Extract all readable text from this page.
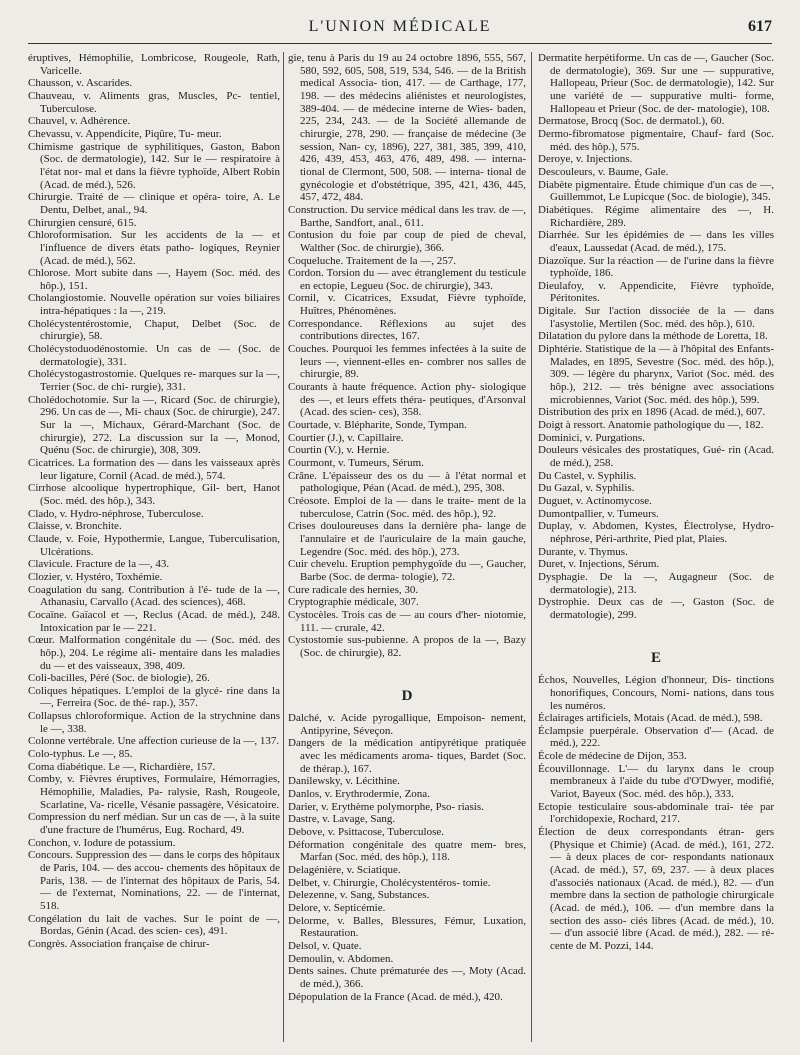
L'UNION MÉDICALE	617

éruptives, Hémophilie, Lombricose, Rougeole, Rath, Varicelle.

Chausson, v. Ascarides.

Chauveau, v. Aliments gras, Muscles, Pc- tentiel, Tuberculose.

Chauvel, v. Adhérence.

Chevassu, v. Appendicite, Piqûre, Tu- meur.

Chimisme gastrique de syphilitiques, Gaston, Babon (Soc. de dermatologie), 142. Sur le — respiratoire à l'état nor- mal et dans la fièvre typhoïde, Albert Robin (Acad. de méd.), 526.

Chirurgie. Traité de — clinique et opéra- toire, A. Le Dentu, Delbet, anal., 94.

Chirurgien censuré, 615.

Chloroformisation. Sur les accidents de la — et l'influence de divers états patho- logiques, Reynier (Acad. de méd.), 562.

Chlorose. Mort subite dans —, Hayem (Soc. méd. des hôp.), 151.

Cholangiostomie. Nouvelle opération sur voies biliaires intra-hépatiques : la —, 219.

Cholécystentérostomie, Chaput, Delbet (Soc. de chirurgie), 58.

Cholécystoduodénostomie. Un cas de — (Soc. de dermatologie), 331.

Cholécystogastrostomie. Quelques re- marques sur la —, Terrier (Soc. de chi- rurgie), 331.

Cholédochotomie. Sur la —, Ricard (Soc. de chirurgie), 296. Un cas de —, Mi- chaux (Soc. de chirurgie), 247. Sur la —, Michaux, Gérard-Marchant (Soc. de chirurgie), 272. La discussion sur la —, Monod, Quénu (Soc. de chirurgie), 308, 309.

Cicatrices. La formation des — dans les vaisseaux après leur ligature, Cornil (Acad. de méd.), 574.

Cirrhose alcoolique hypertrophique, Gil- bert, Hanot (Soc. méd. des hôp.), 343.

Clado, v. Hydro-néphrose, Tuberculose.

Claisse, v. Bronchite.

Claude, v. Foie, Hypothermie, Langue, Tuberculisation, Ulcérations.

Clavicule. Fracture de la —, 43.

Clozier, v. Hystéro, Toxhémie.

Coagulation du sang. Contribution à l'é- tude de la —, Athanasiu, Carvallo (Acad. des sciences), 468.

Cocaïne. Gaïacol et —, Reclus (Acad. de méd.), 248. Intoxication par le — 221.

Cœur. Malformation congénitale du — (Soc. méd. des hôp.), 204. Le régime ali- mentaire dans les maladies du — et des vaisseaux, 398, 409.

Coli-bacilles, Péré (Soc. de biologie), 26.

Coliques hépatiques. L'emploi de la glycé- rine dans la —, Ferreira (Soc. de thé- rap.), 357.

Collapsus chloroformique. Action de la strychnine dans le —, 338.

Colonne vertébrale. Une affection curieuse de la —, 137.

Colo-typhus. Le —, 85.

Coma diabétique. Le —, Richardière, 157.

Comby, v. Fièvres éruptives, Formulaire, Hémorragies, Hémophilie, Maladies, Pa- ralysie, Rash, Rougeole, Scarlatine, Va- ricelle, Vésanie passagère, Vésicatoire.

Compression du nerf médian. Sur un cas de —, à la suite d'une fracture de l'humérus, Eug. Rochard, 49.

Conchon, v. Iodure de potassium.

Concours. Suppression des — dans le corps des hôpitaux de Paris, 104. — des accou- chements des hôpitaux de Paris, 138. — de l'internat des hôpitaux de Paris, 54. — de l'externat, Nominations, 22. — de l'internat, 518.

Congélation du lait de vaches. Sur le point de —, Bordas, Génin (Acad. des scien- ces), 491.

Congrès. Association française de chirur-

gie, tenu à Paris du 19 au 24 octobre 1896, 555, 567, 580, 592, 605, 508, 519, 534, 546. — de la British medical Associa- tion, 417. — de Carthage, 177, 198. — des médecins aliénistes et neurologistes, 389-404. — de médecine interne de Wies- baden, 225, 234, 243. — de la Société allemande de chirurgie, 278, 290. — française de médecine (3e session, Nan- cy, 1896), 227, 381, 385, 399, 410, 426, 439, 453, 463, 476, 489, 498. — interna- tional de Clermont, 500, 508. — interna- tional de gynécologie et d'obstétrique, 395, 421, 436, 445, 457, 472, 484.

Construction. Du service médical dans les trav. de —, Barthe, Sandfort, anal., 611.

Contusion du foie par coup de pied de cheval, Walther (Soc. de chirurgie), 366.

Coqueluche. Traitement de la —, 257.

Cordon. Torsion du — avec étranglement du testicule en ectopie, Legueu (Soc. de chirurgie), 343.

Cornil, v. Cicatrices, Exsudat, Fièvre typhoïde, Huîtres, Phénomènes.

Correspondance. Réflexions au sujet des contributions directes, 167.

Couches. Pourquoi les femmes infectées à la suite de leurs —, viennent-elles en- combrer nos salles de chirurgie, 89.

Courants à haute fréquence. Action phy- siologique des —, et leurs effets théra- peutiques, d'Arsonval (Acad. des scien- ces), 358.

Courtade, v. Blépharite, Sonde, Tympan.

Courtier (J.), v. Capillaire.

Courtin (V.), v. Hernie.

Courmont, v. Tumeurs, Sérum.

Crâne. L'épaisseur des os du — à l'état normal et pathologique, Péan (Acad. de méd.), 295, 308.

Créosote. Emploi de la — dans le traite- ment de la tuberculose, Catrin (Soc. méd. des hôp.), 92.

Crises douloureuses dans la dernière pha- lange de l'annulaire et de l'auriculaire de la main gauche, Legendre (Soc. méd. des hôp.), 273.

Cuir chevelu. Eruption pemphygoïde du —, Gaucher, Barbe (Soc. de derma- tologie), 72.

Cure radicale des hernies, 30.

Cryptographie médicale, 307.

Cystocèles. Trois cas de — au cours d'her- niotomie, 111. — crurale, 42.

Cystostomie sus-pubienne. A propos de la —, Bazy (Soc. de chirurgie), 82.

D

Dalché, v. Acide pyrogallique, Empoison- nement, Antipyrine, Séveçon.

Dangers de la médication antipyrétique pratiquée avec les médicaments aroma- tiques, Bardet (Soc. de thérap.), 167.

Danilewsky, v. Lécithine.

Danlos, v. Erythrodermie, Zona.

Darier, v. Erythème polymorphe, Pso- riasis.

Dastre, v. Lavage, Sang.

Debove, v. Psittacose, Tuberculose.

Déformation congénitale des quatre mem- bres, Marfan (Soc. méd. des hôp.), 118.

Delagénière, v. Sciatique.

Delbet, v. Chirurgie, Cholécystentéros- tomie.

Delezenne, v. Sang, Substances.

Delore, v. Septicémie.

Delorme, v. Balles, Blessures, Fémur, Luxation, Restauration.

Delsol, v. Quate.

Demoulin, v. Abdomen.

Dents saines. Chute prématurée des —, Moty (Acad. de méd.), 366.

Dépopulation de la France (Acad. de méd.), 420.

Dermatite herpétiforme. Un cas de —, Gaucher (Soc. de dermatologie), 369. Sur une — suppurative, Hallopeau, Prieur (Soc. de dermatologie), 142. Sur une variété de — suppurative multi- forme, Hallopeau et Prieur (Soc. de der- matologie), 108.

Dermatose, Brocq (Soc. de dermatol.), 60.

Dermo-fibromatose pigmentaire, Chauf- fard (Soc. méd. des hôp.), 575.

Deroye, v. Injections.

Descouleurs, v. Baume, Gale.

Diabète pigmentaire. Étude chimique d'un cas de —, Guillemmot, Le Lupicque (Soc. de biologie), 345.

Diabétiques. Régime alimentaire des —, H. Richardière, 289.

Diarrhée. Sur les épidémies de — dans les villes d'eaux, Laussedat (Acad. de méd.), 175.

Diazoïque. Sur la réaction — de l'urine dans la fièvre typhoïde, 186.

Dieulafoy, v. Appendicite, Fièvre typhoïde, Péritonites.

Digitale. Sur l'action dissociée de la — dans l'asystolie, Mertilen (Soc. méd. des hôp.), 610.

Dilatation du pylore dans la méthode de Loretta, 18.

Diphtérie. Statistique de la — à l'hôpital des Enfants-Malades, en 1895, Sevestre (Soc. méd. des hôp.), 309. — légère du pharynx, Variot (Soc. méd. des hôp.), 212. — très bénigne avec associations microbiennes, Variot (Soc. méd. des hôp.), 599.

Distribution des prix en 1896 (Acad. de méd.), 607.

Doigt à ressort. Anatomie pathologique du —, 182.

Dominici, v. Purgations.

Douleurs vésicales des prostatiques, Gué- rin (Acad. de méd.), 258.

Du Castel, v. Syphilis.

Du Gazal, v. Syphilis.

Duguet, v. Actinomycose.

Dumontpallier, v. Tumeurs.

Duplay, v. Abdomen, Kystes, Électrolyse, Hydro-néphrose, Péri-arthrite, Pied plat, Plaies.

Durante, v. Thymus.

Duret, v. Injections, Sérum.

Dysphagie. De la —, Augagneur (Soc. de dermatologie), 213.

Dystrophie. Deux cas de —, Gaston (Soc. de dermatologie), 299.

E

Échos, Nouvelles, Légion d'honneur, Dis- tinctions honorifiques, Concours, Nomi- nations, dans tous les numéros.

Éclairages artificiels, Motais (Acad. de méd.), 598.

Éclampsie puerpérale. Observation d'— (Acad. de méd.), 222.

École de médecine de Dijon, 353.

Écouvillonnage. L'— du larynx dans le croup membraneux à l'aide du tube d'O'Dwyer, modifié, Variot, Bayeux (Soc. méd. des hôp.), 333.

Ectopie testiculaire sous-abdominale trai- tée par l'orchidopexie, Rochard, 217.

Élection de deux correspondants étran- gers (Physique et Chimie) (Acad. de méd.), 161, 272. — à deux places de cor- respondants nationaux (Acad. de méd.), 57, 69, 237. — à deux places d'associés nationaux (Acad. de méd.), 82. — d'un membre dans la section de pathologie chirurgicale (Acad. de méd.), 106. — d'un membre dans la section des asso- ciés libres (Acad. de méd.), 10. — d'un associé libre (Acad. de méd.), 282. — ré- cente de M. Pozzi, 144.
